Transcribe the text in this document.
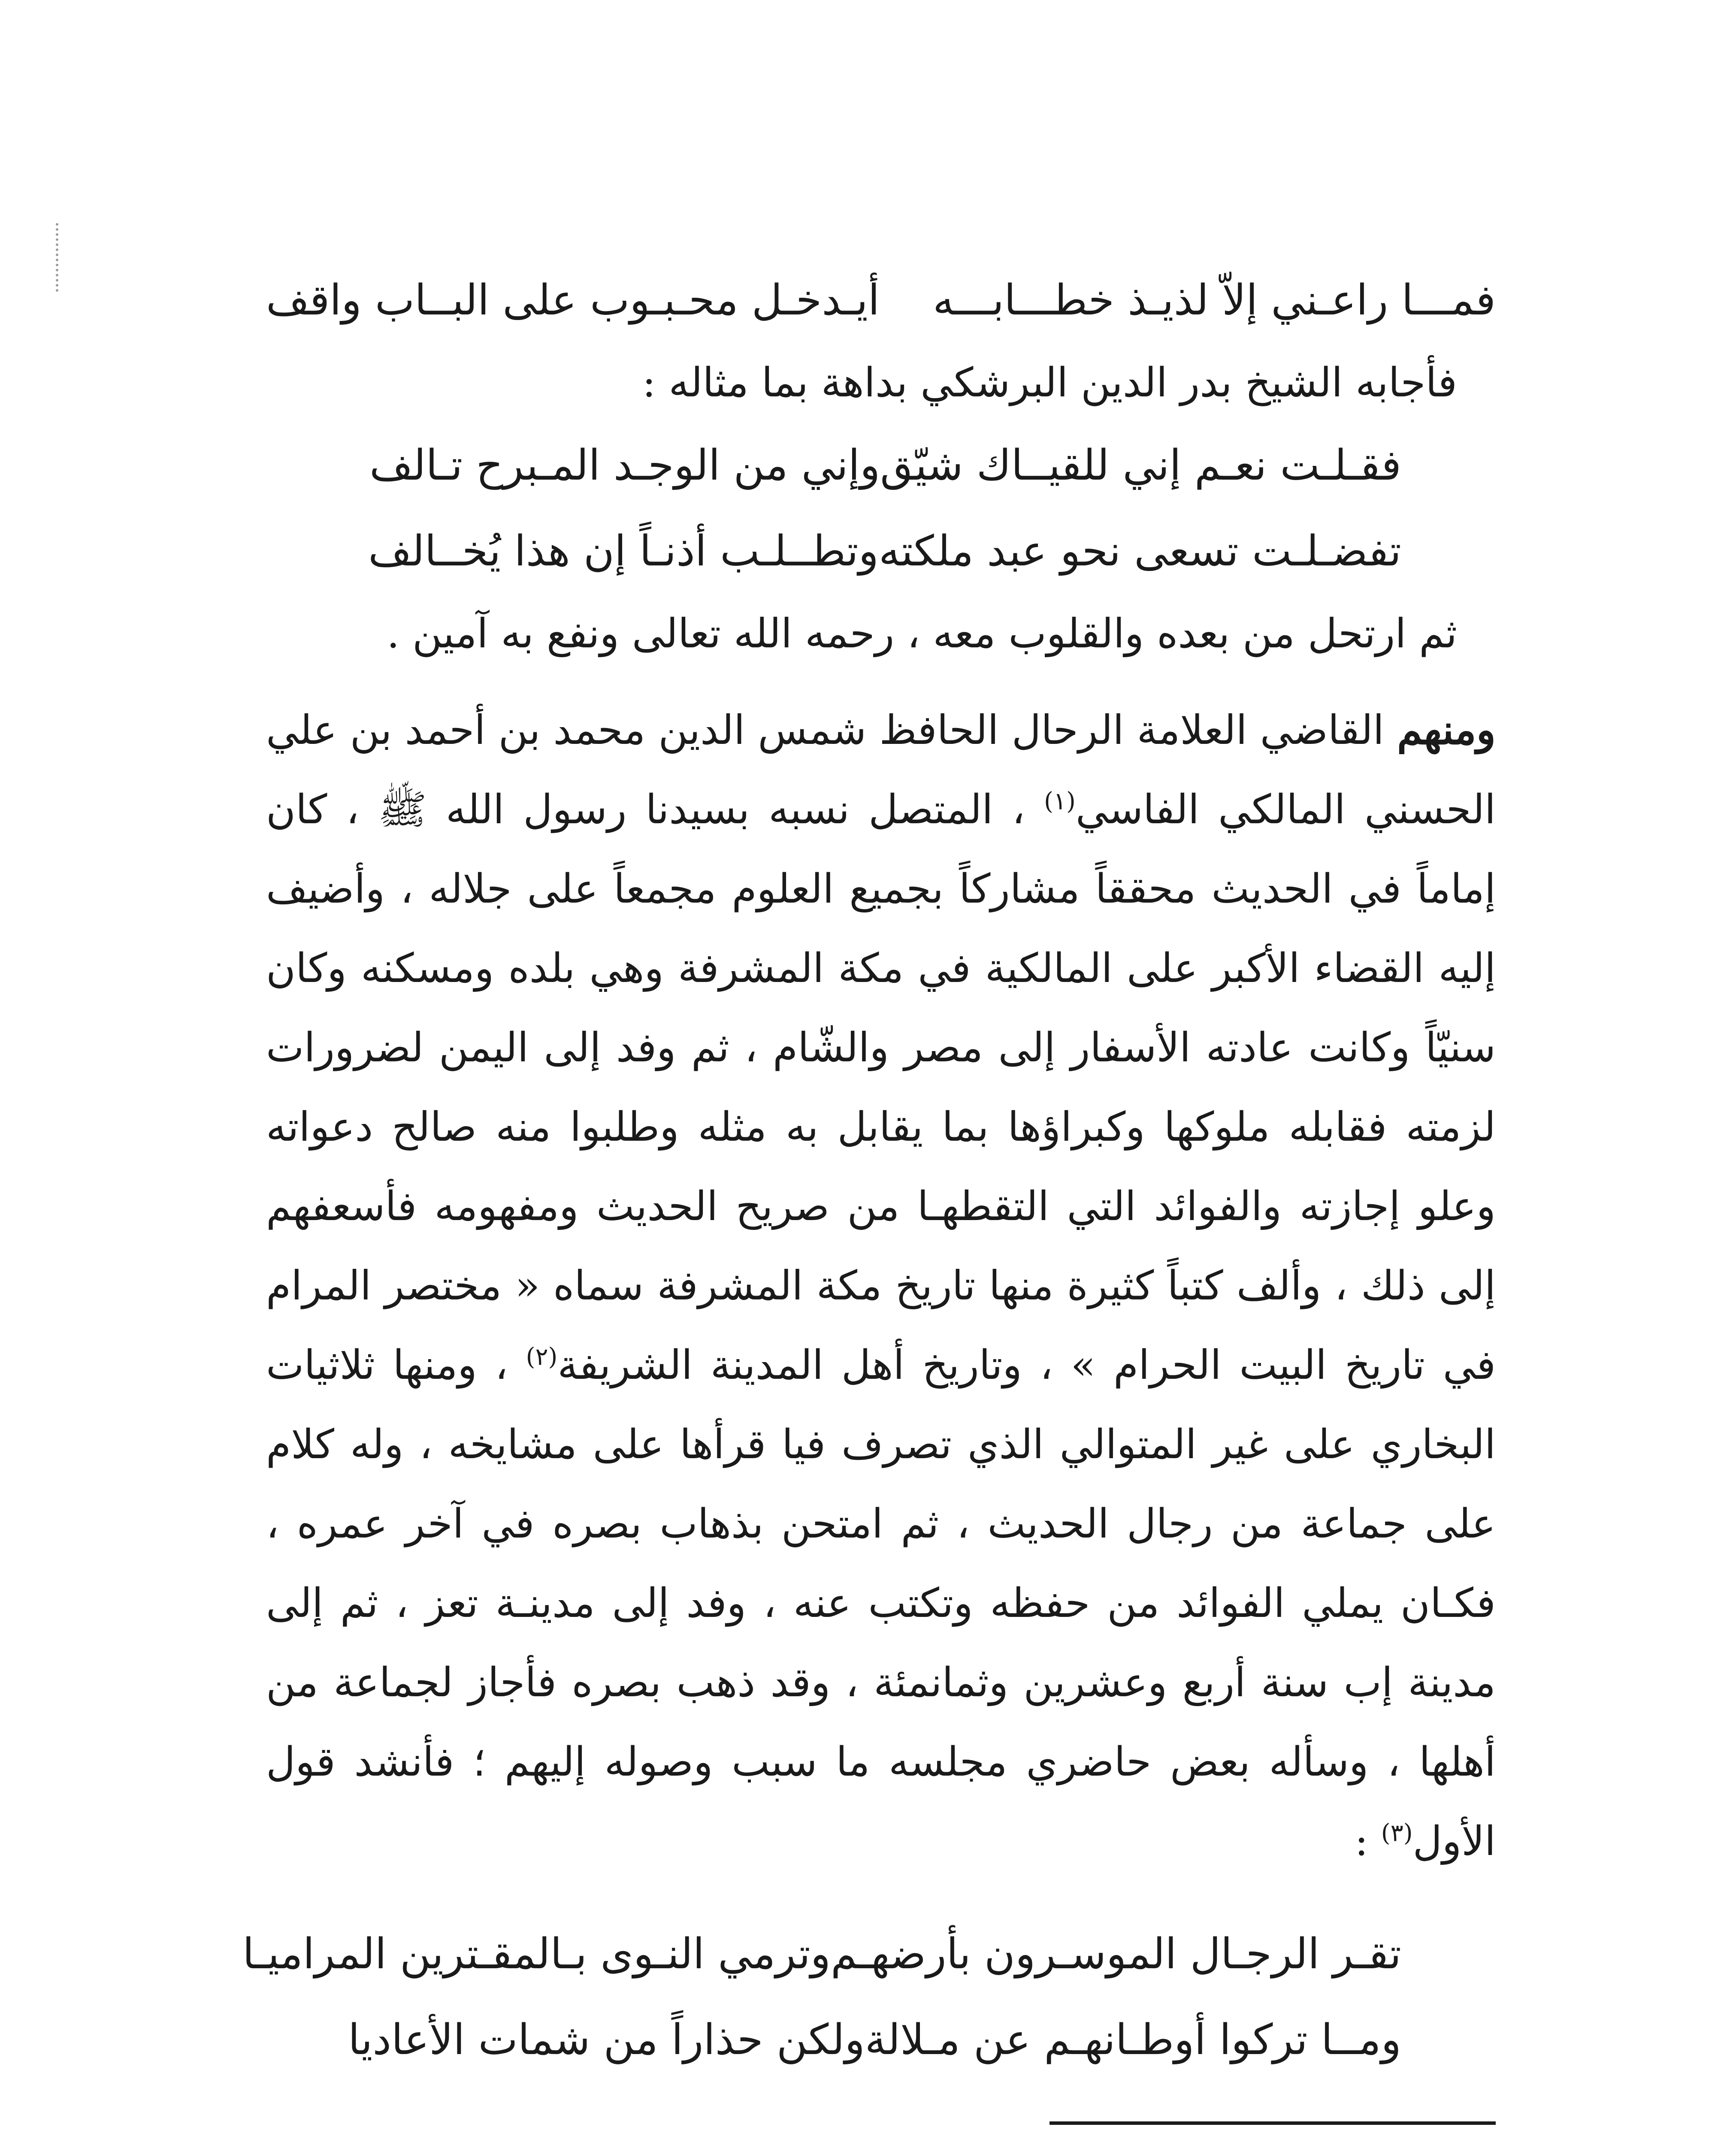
فمـــا راعـني إلاّ لذيـذ خطـــابـــه
أيـدخـل محـبـوب على البــاب واقف

فأجابه الشيخ بدر الدين البرشكي بداهة بما مثاله :

فقـلـت نعـم إني للقيــاك شيّق
وإني من الوجـد المـبرح تـالف
تفضـلـت تسعى نحو عبد ملكته
وتطــلـب أذنـاً إن هذا يُخــالف

ثم ارتحل من بعده والقلوب معه ، رحمه الله تعالى ونفع به آمين .

ومنهم القاضي العلامة الرحال الحافظ شمس الدين محمد بن أحمد بن علي الحسني المالكي الفاسي$^{(١)}$ ، المتصل نسبه بسيدنا رسول الله ﷺ ، كان إماماً في الحديث محققاً مشاركاً بجميع العلوم مجمعاً على جلاله ، وأضيف إليه القضاء الأكبر على المالكية في مكة المشرفة وهي بلده ومسكنه وكان سنيّاً وكانت عادته الأسفار إلى مصر والشّام ، ثم وفد إلى اليمن لضرورات لزمته فقابله ملوكها وكبراؤها بما يقابل به مثله وطلبوا منه صالح دعواته وعلو إجازته والفوائد التي التقطهـا من صريح الحديث ومفهومه فأسعفهم إلى ذلك ، وألف كتباً كثيرة منها تاريخ مكة المشرفة سماه « مختصر المرام في تاريخ البيت الحرام » ، وتاريخ أهل المدينة الشريفة$^{(٢)}$ ، ومنها ثلاثيات البخاري على غير المتوالي الذي تصرف فيا قرأها على مشايخه ، وله كلام على جماعة من رجال الحديث ، ثم امتحن بذهاب بصره في آخر عمره ، فكـان يملي الفوائد من حفظه وتكتب عنه ، وفد إلى مدينـة تعز ، ثم إلى مدينة إب سنة أربع وعشرين وثمانمئة ، وقد ذهب بصره فأجاز لجماعة من أهلها ، وسأله بعض حاضري مجلسه ما سبب وصوله إليهم ؛ فأنشد قول الأول$^{(٣)}$ :

تقـر الرجـال الموسـرون بأرضهـم
وترمي النـوى بـالمقـترين المراميـا
ومــا تركوا أوطـانهـم عن مـلالة
ولكن حذاراً من شمات الأعاديا
